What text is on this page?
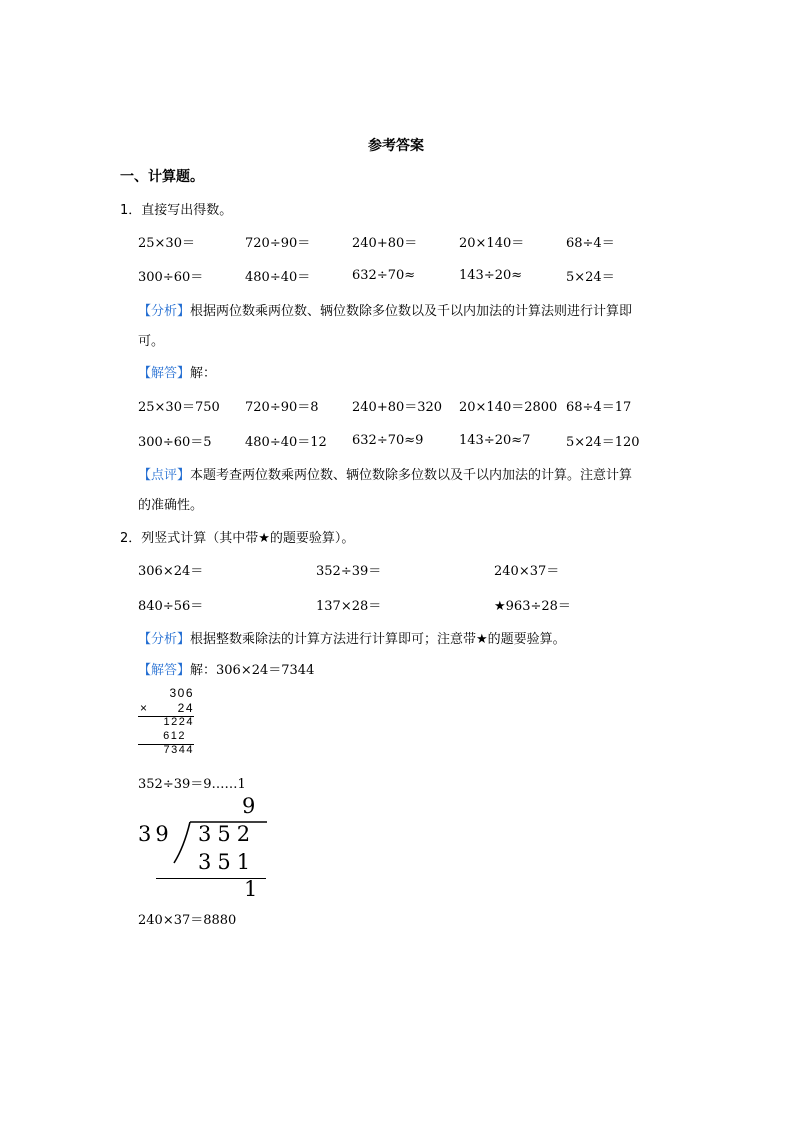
参考答案
一、计算题。
1．直接写出得数。
25×30＝	720÷90＝	240+80＝	20×140＝	68÷4＝
300÷60＝	480÷40＝	632÷70≈	143÷20≈	5×24＝
【分析】根据两位数乘两位数、辆位数除多位数以及千以内加法的计算法则进行计算即
可。
【解答】解：
25×30＝750 720÷90＝8	240+80＝320 20×140＝2800 68÷4＝17
300÷60＝5	480÷40＝12 632÷70≈9	143÷20≈7	5×24＝120
【点评】本题考查两位数乘两位数、辆位数除多位数以及千以内加法的计算。注意计算
的准确性。
2．列竖式计算（其中带★的题要验算）。
306×24＝	352÷39＝	240×37＝
840÷56＝	137×28＝	★963÷28＝
【分析】根据整数乘除法的计算方法进行计算即可；注意带★的题要验算。
【解答】解：306×24＝7344
306
× 24
1224
612
7344
352÷39＝9……1
9
39 352
351
1
240×37＝8880
